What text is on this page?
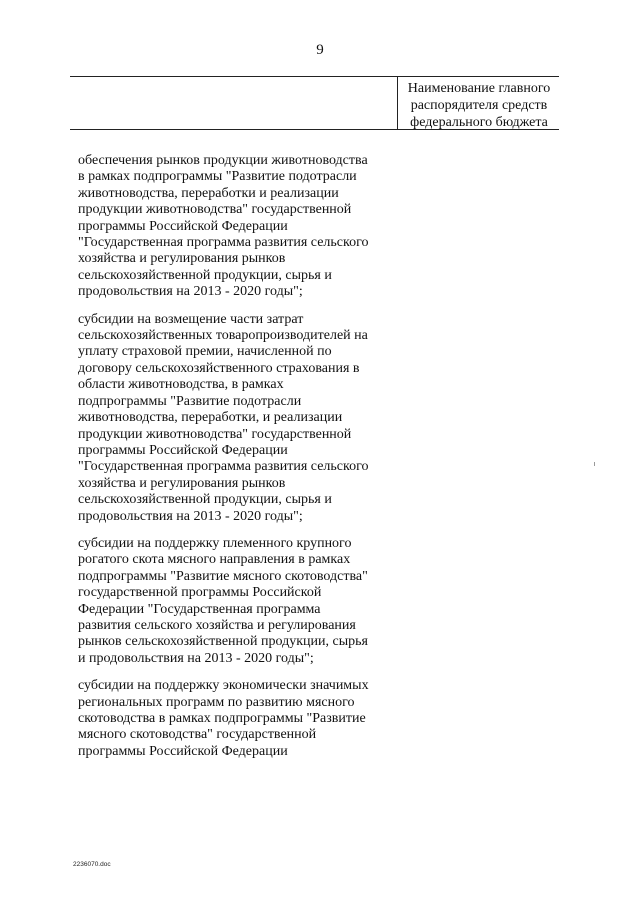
9
Наименование главного
распорядителя средств
федерального бюджета

обеспечения рынков продукции животноводства
в рамках подпрограммы "Развитие подотрасли
животноводства, переработки и реализации
продукции животноводства" государственной
программы Российской Федерации
"Государственная программа развития сельского
хозяйства и регулирования рынков
сельскохозяйственной продукции, сырья и
продовольствия на 2013 - 2020 годы";

субсидии на возмещение части затрат
сельскохозяйственных товаропроизводителей на
уплату страховой премии, начисленной по
договору сельскохозяйственного страхования в
области животноводства, в рамках
подпрограммы "Развитие подотрасли
животноводства, переработки, и реализации
продукции животноводства" государственной
программы Российской Федерации
"Государственная программа развития сельского
хозяйства и регулирования рынков
сельскохозяйственной продукции, сырья и
продовольствия на 2013 - 2020 годы";

субсидии на поддержку племенного крупного
рогатого скота мясного направления в рамках
подпрограммы "Развитие мясного скотоводства"
государственной программы Российской
Федерации "Государственная программа
развития сельского хозяйства и регулирования
рынков сельскохозяйственной продукции, сырья
и продовольствия на 2013 - 2020 годы";

субсидии на поддержку экономически значимых
региональных программ по развитию мясного
скотоводства в рамках подпрограммы "Развитие
мясного скотоводства" государственной
программы Российской Федерации

2236070.doc
